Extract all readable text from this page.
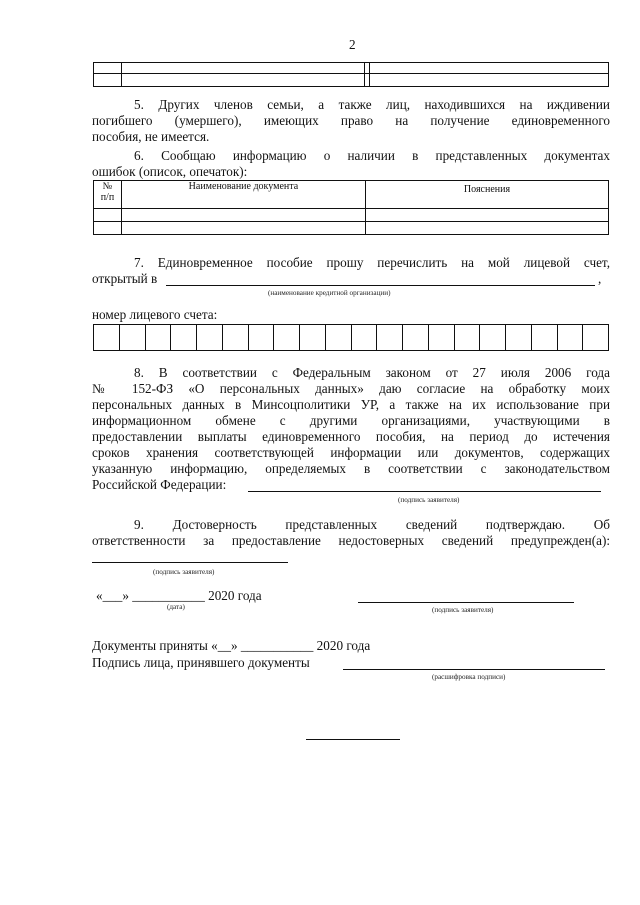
2

5. Других членов семьи, а также лиц, находившихся на иждивении
погибшего (умершего), имеющих право на получение единовременного
пособия, не имеется.
6. Сообщаю информацию о наличии в представленных документах
ошибок (описок, опечаток):
№
п/п	Наименование документа	Пояснения

7. Единовременное пособие прошу перечислить на мой лицевой счет,
открытый в	,
(наименование кредитной организации)
номер лицевого счета:

8. В соответствии с Федеральным законом от 27 июля 2006 года
№ 152-ФЗ «О персональных данных» даю согласие на обработку моих
персональных данных в Минсоцполитики УР, а также на их использование при
информационном обмене с другими организациями, участвующими в
предоставлении выплаты единовременного пособия, на период до истечения
сроков хранения соответствующей информации или документов, содержащих
указанную информацию, определяемых в соответствии с законодательством
Российской Федерации:
(подпись заявителя)
9. Достоверность представленных сведений подтверждаю. Об
ответственности за предоставление недостоверных сведений предупрежден(а):
(подпись заявителя)
«___» ___________ 2020 года
(дата)	(подпись заявителя)
Документы приняты «__» ___________ 2020 года
Подпись лица, принявшего документы
(расшифровка подписи)
